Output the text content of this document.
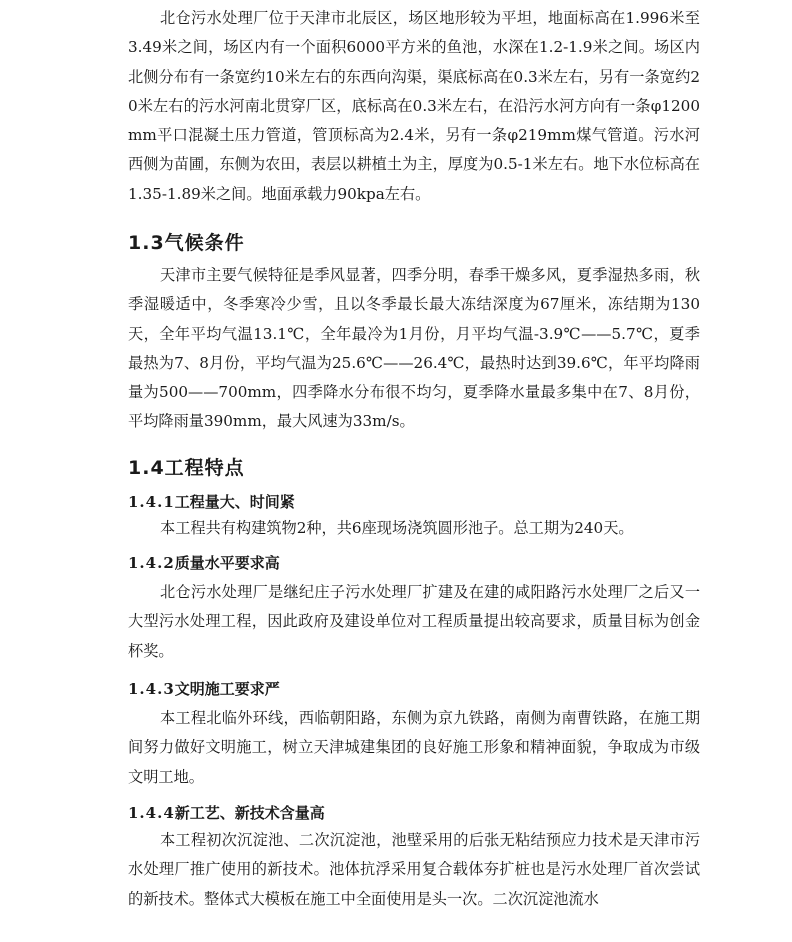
北仓污水处理厂位于天津市北辰区，场区地形较为平坦，地面标高在1.996米至3.49米之间，场区内有一个面积6000平方米的鱼池，水深在1.2-1.9米之间。场区内北侧分布有一条宽约10米左右的东西向沟渠，渠底标高在0.3米左右，另有一条宽约20米左右的污水河南北贯穿厂区，底标高在0.3米左右，在沿污水河方向有一条φ1200mm平口混凝土压力管道，管顶标高为2.4米，另有一条φ219mm煤气管道。污水河西侧为苗圃，东侧为农田，表层以耕植土为主，厚度为0.5-1米左右。地下水位标高在1.35-1.89米之间。地面承载力90kpa左右。

1.3气候条件

天津市主要气候特征是季风显著，四季分明，春季干燥多风，夏季湿热多雨，秋季湿暖适中，冬季寒冷少雪，且以冬季最长最大冻结深度为67厘米，冻结期为130天，全年平均气温13.1℃，全年最冷为1月份，月平均气温-3.9℃——5.7℃，夏季最热为7、8月份，平均气温为25.6℃——26.4℃，最热时达到39.6℃，年平均降雨量为500——700mm，四季降水分布很不均匀，夏季降水量最多集中在7、8月份，平均降雨量390mm，最大风速为33m/s。

1.4工程特点
1.4.1工程量大、时间紧

本工程共有构建筑物2种，共6座现场浇筑圆形池子。总工期为240天。

1.4.2质量水平要求高

北仓污水处理厂是继纪庄子污水处理厂扩建及在建的咸阳路污水处理厂之后又一大型污水处理工程，因此政府及建设单位对工程质量提出较高要求，质量目标为创金杯奖。

1.4.3文明施工要求严

本工程北临外环线，西临朝阳路，东侧为京九铁路，南侧为南曹铁路，在施工期间努力做好文明施工，树立天津城建集团的良好施工形象和精神面貌，争取成为市级文明工地。

1.4.4新工艺、新技术含量高

本工程初次沉淀池、二次沉淀池，池壁采用的后张无粘结预应力技术是天津市污水处理厂推广使用的新技术。池体抗浮采用复合载体夯扩桩也是污水处理厂首次尝试的新技术。整体式大模板在施工中全面使用是头一次。二次沉淀池流水
